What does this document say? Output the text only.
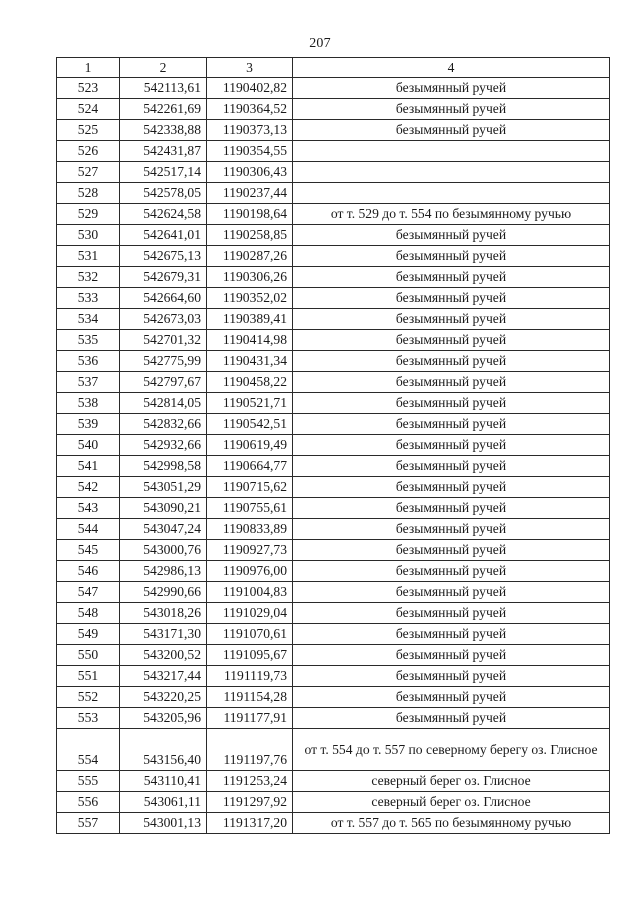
207
1	2	3	4
523	542113,61	1190402,82	безымянный ручей
524	542261,69	1190364,52	безымянный ручей
525	542338,88	1190373,13	безымянный ручей
526	542431,87	1190354,55	
527	542517,14	1190306,43	
528	542578,05	1190237,44	
529	542624,58	1190198,64	от т. 529 до т. 554 по безымянному ручью
530	542641,01	1190258,85	безымянный ручей
531	542675,13	1190287,26	безымянный ручей
532	542679,31	1190306,26	безымянный ручей
533	542664,60	1190352,02	безымянный ручей
534	542673,03	1190389,41	безымянный ручей
535	542701,32	1190414,98	безымянный ручей
536	542775,99	1190431,34	безымянный ручей
537	542797,67	1190458,22	безымянный ручей
538	542814,05	1190521,71	безымянный ручей
539	542832,66	1190542,51	безымянный ручей
540	542932,66	1190619,49	безымянный ручей
541	542998,58	1190664,77	безымянный ручей
542	543051,29	1190715,62	безымянный ручей
543	543090,21	1190755,61	безымянный ручей
544	543047,24	1190833,89	безымянный ручей
545	543000,76	1190927,73	безымянный ручей
546	542986,13	1190976,00	безымянный ручей
547	542990,66	1191004,83	безымянный ручей
548	543018,26	1191029,04	безымянный ручей
549	543171,30	1191070,61	безымянный ручей
550	543200,52	1191095,67	безымянный ручей
551	543217,44	1191119,73	безымянный ручей
552	543220,25	1191154,28	безымянный ручей
553	543205,96	1191177,91	безымянный ручей
554	543156,40	1191197,76	от т. 554 до т. 557 по северному берегу оз. Глисное
555	543110,41	1191253,24	северный берег оз. Глисное
556	543061,11	1191297,92	северный берег оз. Глисное
557	543001,13	1191317,20	от т. 557 до т. 565 по безымянному ручью
